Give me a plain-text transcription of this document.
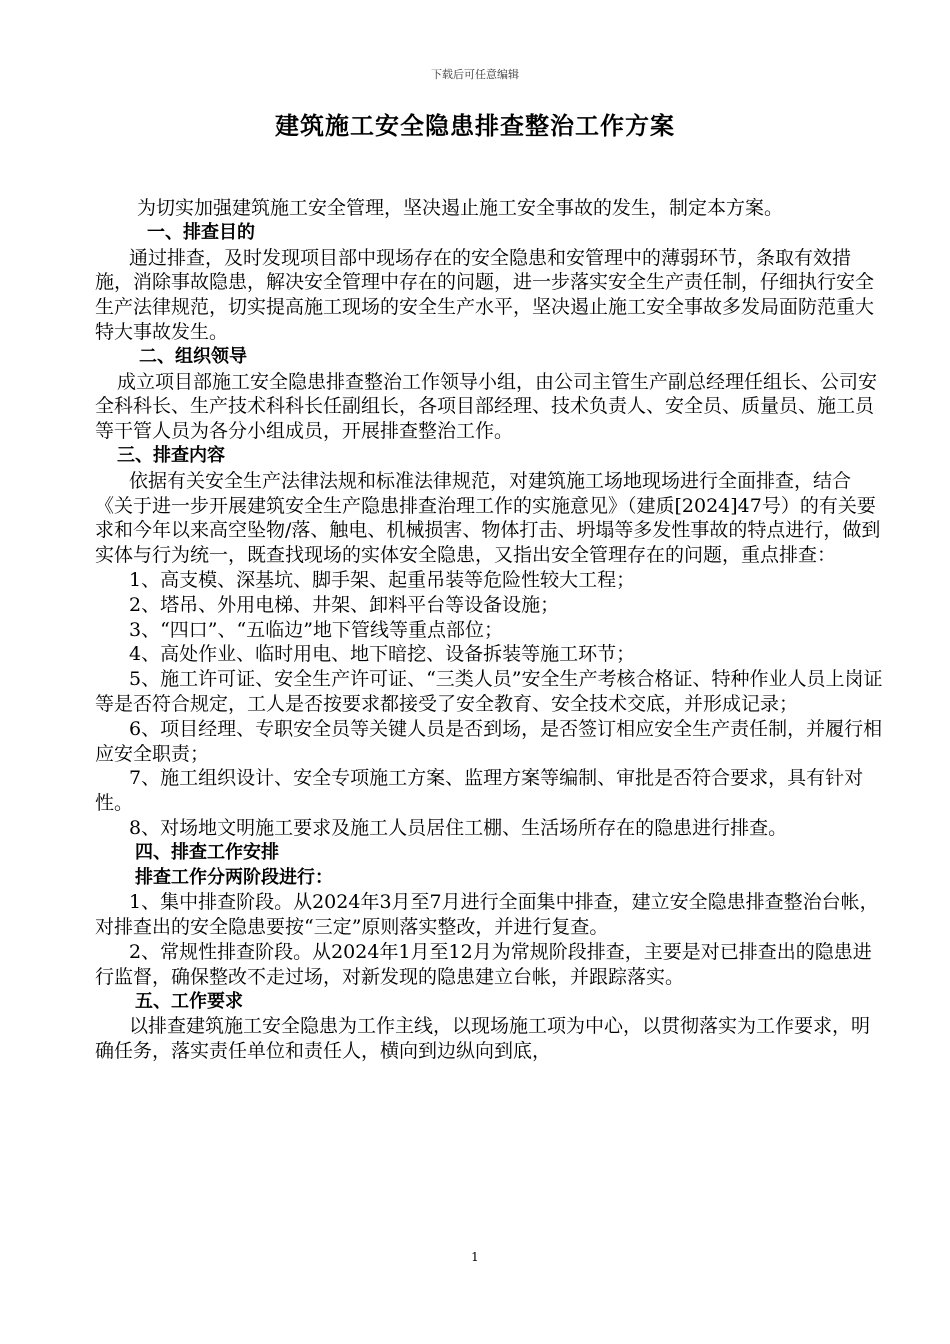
下载后可任意编辑
建筑施工安全隐患排查整治工作方案

为切实加强建筑施工安全管理，坚决遏止施工安全事故的发生，制定本方案。

一、排查目的

通过排查，及时发现项目部中现场存在的安全隐患和安管理中的薄弱环节，条取有效措施，消除事故隐患，解决安全管理中存在的问题，进一步落实安全生产责任制，仔细执行安全生产法律规范，切实提高施工现场的安全生产水平，坚决遏止施工安全事故多发局面防范重大特大事故发生。

二、组织领导

成立项目部施工安全隐患排查整治工作领导小组，由公司主管生产副总经理任组长、公司安全科科长、生产技术科科长任副组长，各项目部经理、技术负责人、安全员、质量员、施工员等干管人员为各分小组成员，开展排查整治工作。

三、排查内容

依据有关安全生产法律法规和标准法律规范，对建筑施工场地现场进行全面排查，结合《关于进一步开展建筑安全生产隐患排查治理工作的实施意见》（建质[2024]47号）的有关要求和今年以来高空坠物/落、触电、机械损害、物体打击、坍塌等多发性事故的特点进行，做到实体与行为统一，既查找现场的实体安全隐患，又指出安全管理存在的问题，重点排查：

1、高支模、深基坑、脚手架、起重吊装等危险性较大工程；

2、塔吊、外用电梯、井架、卸料平台等设备设施；

3、“四口”、“五临边”地下管线等重点部位；

4、高处作业、临时用电、地下暗挖、设备拆装等施工环节；

5、施工许可证、安全生产许可证、“三类人员”安全生产考核合格证、特种作业人员上岗证等是否符合规定，工人是否按要求都接受了安全教育、安全技术交底，并形成记录；

6、项目经理、专职安全员等关键人员是否到场，是否签订相应安全生产责任制，并履行相应安全职责；

7、施工组织设计、安全专项施工方案、监理方案等编制、审批是否符合要求，具有针对性。

8、对场地文明施工要求及施工人员居住工棚、生活场所存在的隐患进行排查。

四、排查工作安排

排查工作分两阶段进行：

1、集中排查阶段。从2024年3月至7月进行全面集中排查，建立安全隐患排查整治台帐，对排查出的安全隐患要按“三定”原则落实整改，并进行复查。

2、常规性排查阶段。从2024年1月至12月为常规阶段排查，主要是对已排查出的隐患进行监督，确保整改不走过场，对新发现的隐患建立台帐，并跟踪落实。

五、工作要求

以排查建筑施工安全隐患为工作主线，以现场施工项为中心，以贯彻落实为工作要求，明确任务，落实责任单位和责任人，横向到边纵向到底，

1
